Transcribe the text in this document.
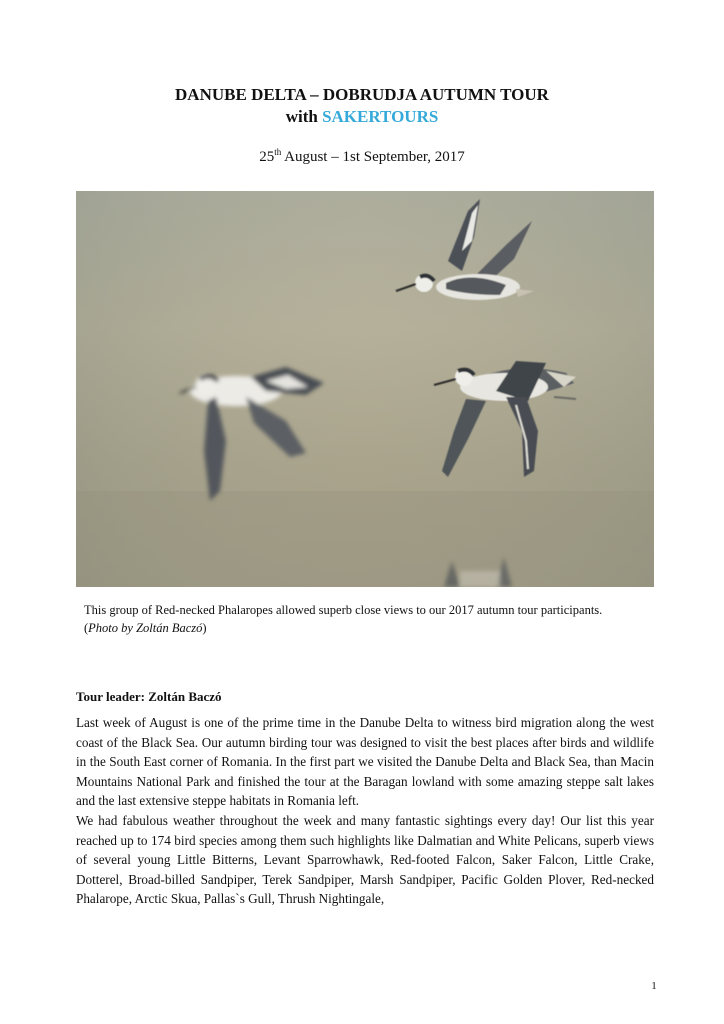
DANUBE DELTA – DOBRUDJA AUTUMN TOUR
with SAKERTOURS
25th August – 1st September, 2017
This group of Red-necked Phalaropes allowed superb close views to our 2017 autumn tour participants.
(Photo by Zoltán Baczó)
Tour leader: Zoltán Baczó

Last week of August is one of the prime time in the Danube Delta to witness bird migration along the west coast of the Black Sea. Our autumn birding tour was designed to visit the best places after birds and wildlife in the South East corner of Romania. In the first part we visited the Danube Delta and Black Sea, than Macin Mountains National Park and finished the tour at the Baragan lowland with some amazing steppe salt lakes and the last extensive steppe habitats in Romania left.

We had fabulous weather throughout the week and many fantastic sightings every day! Our list this year reached up to 174 bird species among them such highlights like Dalmatian and White Pelicans, superb views of several young Little Bitterns, Levant Sparrowhawk, Red-footed Falcon, Saker Falcon, Little Crake, Dotterel, Broad-billed Sandpiper, Terek Sandpiper, Marsh Sandpiper, Pacific Golden Plover, Red-necked Phalarope, Arctic Skua, Pallas`s Gull, Thrush Nightingale,

1
